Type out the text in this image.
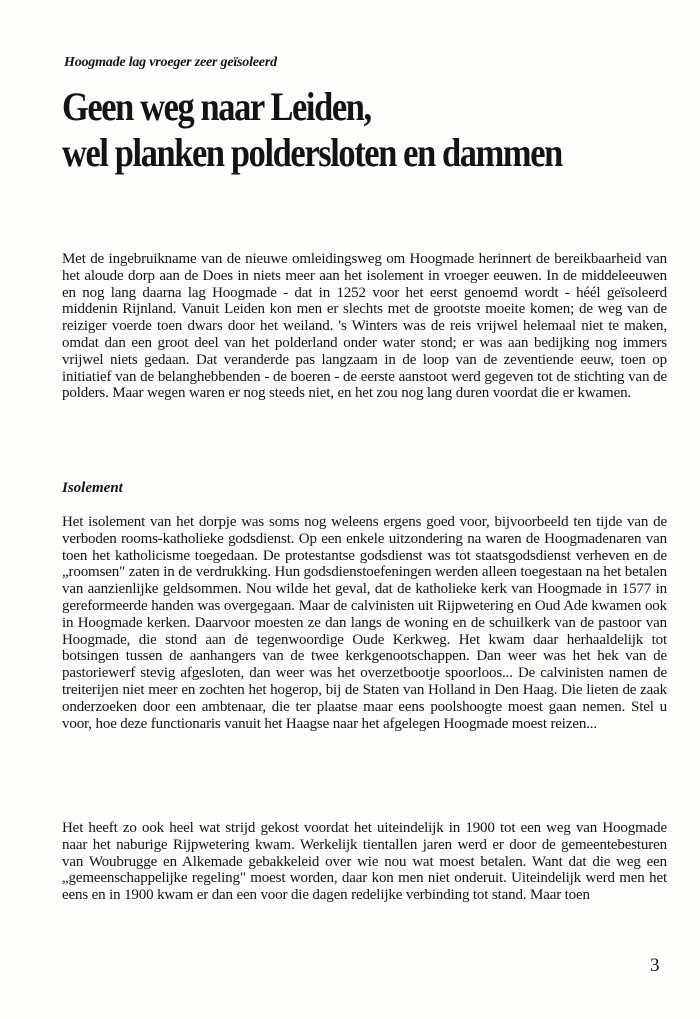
Hoogmade lag vroeger zeer geïsoleerd
Geen weg naar Leiden,
wel planken poldersloten en dammen

Met de ingebruikname van de nieuwe omleidingsweg om Hoogmade herinnert de bereikbaarheid van het aloude dorp aan de Does in niets meer aan het isolement in vroeger eeuwen. In de middeleeuwen en nog lang daarna lag Hoogmade - dat in 1252 voor het eerst genoemd wordt - héél geïsoleerd middenin Rijnland. Vanuit Leiden kon men er slechts met de grootste moeite komen; de weg van de reiziger voerde toen dwars door het weiland. 's Winters was de reis vrijwel helemaal niet te maken, omdat dan een groot deel van het polderland onder water stond; er was aan bedijking nog immers vrijwel niets gedaan. Dat veranderde pas langzaam in de loop van de zeventiende eeuw, toen op initiatief van de belanghebbenden - de boeren - de eerste aanstoot werd gegeven tot de stichting van de polders. Maar wegen waren er nog steeds niet, en het zou nog lang duren voordat die er kwamen.

Isolement

Het isolement van het dorpje was soms nog weleens ergens goed voor, bijvoorbeeld ten tijde van de verboden rooms-katholieke godsdienst. Op een enkele uitzondering na waren de Hoogmadenaren van toen het katholicisme toegedaan. De protestantse godsdienst was tot staatsgodsdienst verheven en de „roomsen" zaten in de verdrukking. Hun godsdienstoefeningen werden alleen toegestaan na het betalen van aanzienlijke geldsommen. Nou wilde het geval, dat de katholieke kerk van Hoogmade in 1577 in gereformeerde handen was overgegaan. Maar de calvinisten uit Rijpwetering en Oud Ade kwamen ook in Hoogmade kerken. Daarvoor moesten ze dan langs de woning en de schuilkerk van de pastoor van Hoogmade, die stond aan de tegenwoordige Oude Kerkweg. Het kwam daar herhaaldelijk tot botsingen tussen de aanhangers van de twee kerkgenootschappen. Dan weer was het hek van de pastoriewerf stevig afgesloten, dan weer was het overzetbootje spoorloos... De calvinisten namen de treiterijen niet meer en zochten het hogerop, bij de Staten van Holland in Den Haag. Die lieten de zaak onderzoeken door een ambtenaar, die ter plaatse maar eens poolshoogte moest gaan nemen. Stel u voor, hoe deze functionaris vanuit het Haagse naar het afgelegen Hoogmade moest reizen...

Het heeft zo ook heel wat strijd gekost voordat het uiteindelijk in 1900 tot een weg van Hoogmade naar het naburige Rijpwetering kwam. Werkelijk tientallen jaren werd er door de gemeentebesturen van Woubrugge en Alkemade gebakkeleid over wie nou wat moest betalen. Want dat die weg een „gemeenschappelijke regeling" moest worden, daar kon men niet onderuit. Uiteindelijk werd men het eens en in 1900 kwam er dan een voor die dagen redelijke verbinding tot stand. Maar toen

3
